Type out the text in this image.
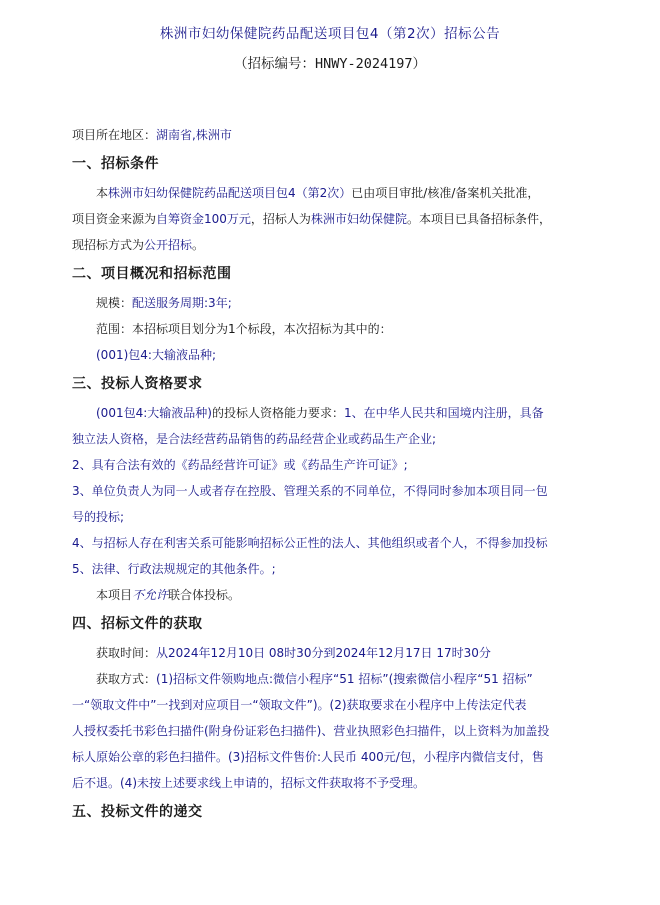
株洲市妇幼保健院药品配送项目包4（第2次）招标公告
（招标编号：HNWY-2024197）

项目所在地区：湖南省,株洲市

一、招标条件

本株洲市妇幼保健院药品配送项目包4（第2次）已由项目审批/核准/备案机关批准，

项目资金来源为自筹资金100万元，招标人为株洲市妇幼保健院。本项目已具备招标条件，

现招标方式为公开招标。

二、项目概况和招标范围

规模：配送服务周期:3年;

范围：本招标项目划分为1个标段，本次招标为其中的：

(001)包4:大输液品种;

三、投标人资格要求

(001包4:大输液品种)的投标人资格能力要求：1、在中华人民共和国境内注册，具备

独立法人资格，是合法经营药品销售的药品经营企业或药品生产企业;

2、具有合法有效的《药品经营许可证》或《药品生产许可证》;

3、单位负责人为同一人或者存在控股、管理关系的不同单位，不得同时参加本项目同一包

号的投标;

4、与招标人存在利害关系可能影响招标公正性的法人、其他组织或者个人，不得参加投标

5、法律、行政法规规定的其他条件。;

本项目不允许联合体投标。

四、招标文件的获取

获取时间：从2024年12月10日 08时30分到2024年12月17日 17时30分

获取方式：(1)招标文件领购地点:微信小程序“51 招标”(搜索微信小程序“51 招标”

一“领取文件中”一找到对应项目一“领取文件”)。(2)获取要求在小程序中上传法定代表

人授权委托书彩色扫描件(附身份证彩色扫描件)、营业执照彩色扫描件，以上资料为加盖投

标人原始公章的彩色扫描件。(3)招标文件售价:人民币 400元/包，小程序内微信支付，售

后不退。(4)未按上述要求线上申请的，招标文件获取将不予受理。

五、投标文件的递交
